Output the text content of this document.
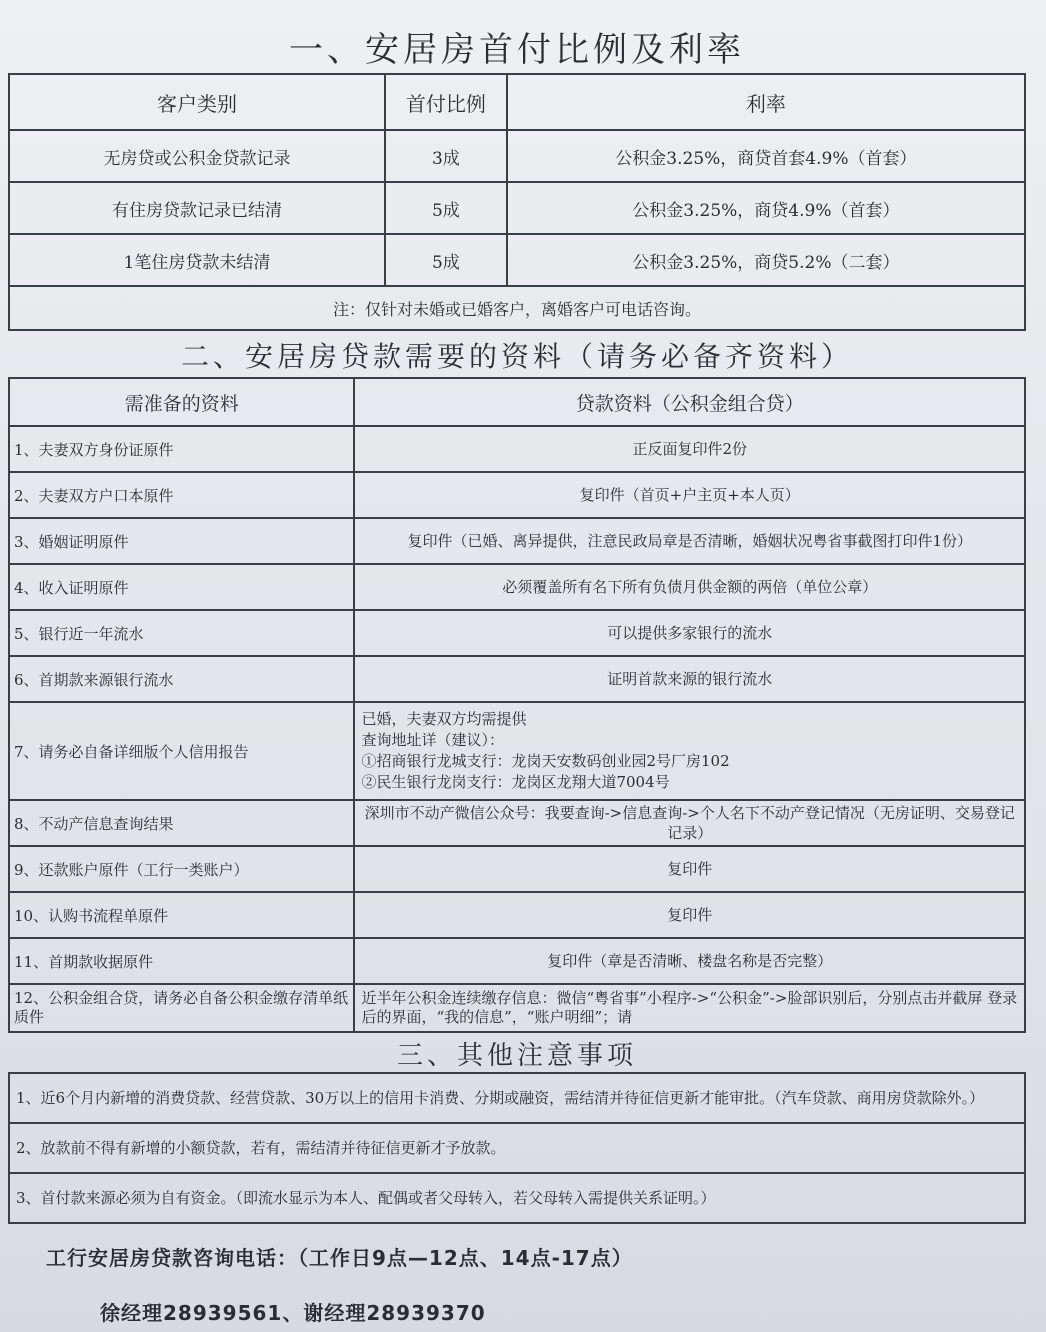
一、安居房首付比例及利率
客户类别	首付比例	利率
无房贷或公积金贷款记录	3成	公积金3.25%，商贷首套4.9%（首套）
有住房贷款记录已结清	5成	公积金3.25%，商贷4.9%（首套）
1笔住房贷款未结清	5成	公积金3.25%，商贷5.2%（二套）
注：仅针对未婚或已婚客户，离婚客户可电话咨询。		
二、安居房贷款需要的资料（请务必备齐资料）
需准备的资料	贷款资料（公积金组合贷）
1、夫妻双方身份证原件	正反面复印件2份
2、夫妻双方户口本原件	复印件（首页+户主页+本人页）
3、婚姻证明原件	复印件（已婚、离异提供，注意民政局章是否清晰，婚姻状况粤省事截图打印件1份）
4、收入证明原件	必须覆盖所有名下所有负债月供金额的两倍（单位公章）
5、银行近一年流水	可以提供多家银行的流水
6、首期款来源银行流水	证明首款来源的银行流水
7、请务必自备详细版个人信用报告	已婚，夫妻双方均需提供
查询地址详（建议）：
①招商银行龙城支行：龙岗天安数码创业园2号厂房102
②民生银行龙岗支行：龙岗区龙翔大道7004号

8、不动产信息查询结果	深圳市不动产微信公众号：我要查询->信息查询->个人名下不动产登记情况（无房证明、交易登记记录）
9、还款账户原件（工行一类账户）	复印件
10、认购书流程单原件	复印件
11、首期款收据原件	复印件（章是否清晰、楼盘名称是否完整）
12、公积金组合贷，请务必自备公积金缴存清单纸质件	近半年公积金连续缴存信息：微信“粤省事”小程序->“公积金”->脸部识别后，分别点击并截屏 登录后的界面，“我的信息”，“账户明细”；请
三、其他注意事项
1、近6个月内新增的消费贷款、经营贷款、30万以上的信用卡消费、分期或融资，需结清并待征信更新才能审批。（汽车贷款、商用房贷款除外。）
2、放款前不得有新增的小额贷款，若有，需结清并待征信更新才予放款。
3、首付款来源必须为自有资金。（即流水显示为本人、配偶或者父母转入，若父母转入需提供关系证明。）
工行安居房贷款咨询电话：（工作日9点—12点、14点-17点）
徐经理28939561、谢经理28939370
